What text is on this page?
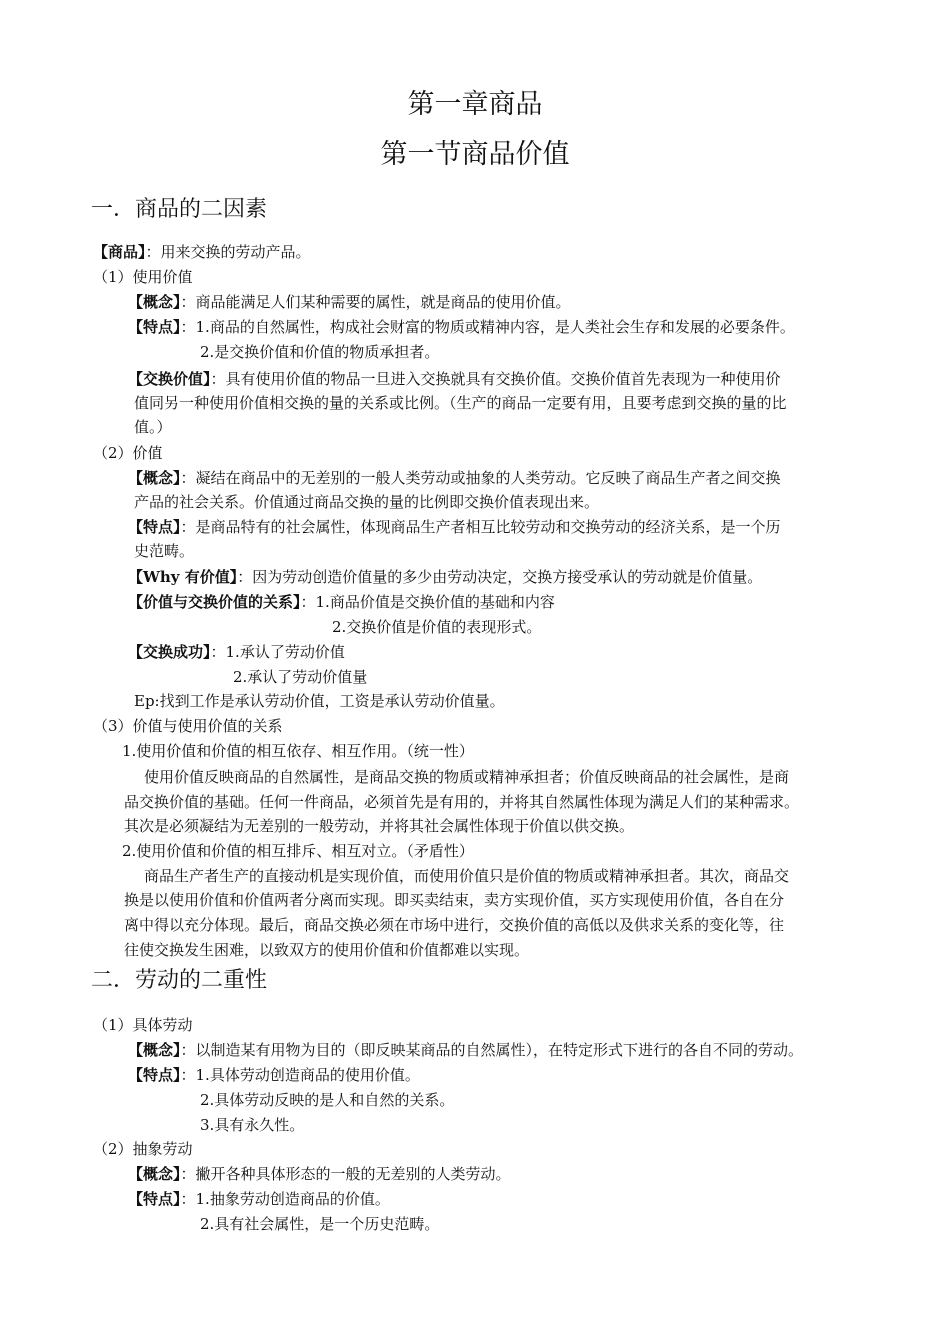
第一章商品
第一节商品价值
一．商品的二因素
【商品】：用来交换的劳动产品。
（1）使用价值
【概念】：商品能满足人们某种需要的属性，就是商品的使用价值。
【特点】：1.商品的自然属性，构成社会财富的物质或精神内容，是人类社会生存和发展的必要条件。
2.是交换价值和价值的物质承担者。
【交换价值】：具有使用价值的物品一旦进入交换就具有交换价值。交换价值首先表现为一种使用价
值同另一种使用价值相交换的量的关系或比例。（生产的商品一定要有用，且要考虑到交换的量的比
值。）
（2）价值
【概念】：凝结在商品中的无差别的一般人类劳动或抽象的人类劳动。它反映了商品生产者之间交换
产品的社会关系。价值通过商品交换的量的比例即交换价值表现出来。
【特点】：是商品特有的社会属性，体现商品生产者相互比较劳动和交换劳动的经济关系，是一个历
史范畴。
【Why 有价值】：因为劳动创造价值量的多少由劳动决定，交换方接受承认的劳动就是价值量。
【价值与交换价值的关系】：1.商品价值是交换价值的基础和内容
2.交换价值是价值的表现形式。
【交换成功】：1.承认了劳动价值
2.承认了劳动价值量
Ep:找到工作是承认劳动价值，工资是承认劳动价值量。
（3）价值与使用价值的关系
1.使用价值和价值的相互依存、相互作用。（统一性）
使用价值反映商品的自然属性，是商品交换的物质或精神承担者；价值反映商品的社会属性，是商
品交换价值的基础。任何一件商品，必须首先是有用的，并将其自然属性体现为满足人们的某种需求。
其次是必须凝结为无差别的一般劳动，并将其社会属性体现于价值以供交换。
2.使用价值和价值的相互排斥、相互对立。（矛盾性）
商品生产者生产的直接动机是实现价值，而使用价值只是价值的物质或精神承担者。其次，商品交
换是以使用价值和价值两者分离而实现。即买卖结束，卖方实现价值，买方实现使用价值，各自在分
离中得以充分体现。最后，商品交换必须在市场中进行，交换价值的高低以及供求关系的变化等，往
往使交换发生困难，以致双方的使用价值和价值都难以实现。
二．劳动的二重性
（1）具体劳动
【概念】：以制造某有用物为目的（即反映某商品的自然属性），在特定形式下进行的各自不同的劳动。
【特点】：1.具体劳动创造商品的使用价值。
2.具体劳动反映的是人和自然的关系。
3.具有永久性。
（2）抽象劳动
【概念】：撇开各种具体形态的一般的无差别的人类劳动。
【特点】：1.抽象劳动创造商品的价值。
2.具有社会属性，是一个历史范畴。
